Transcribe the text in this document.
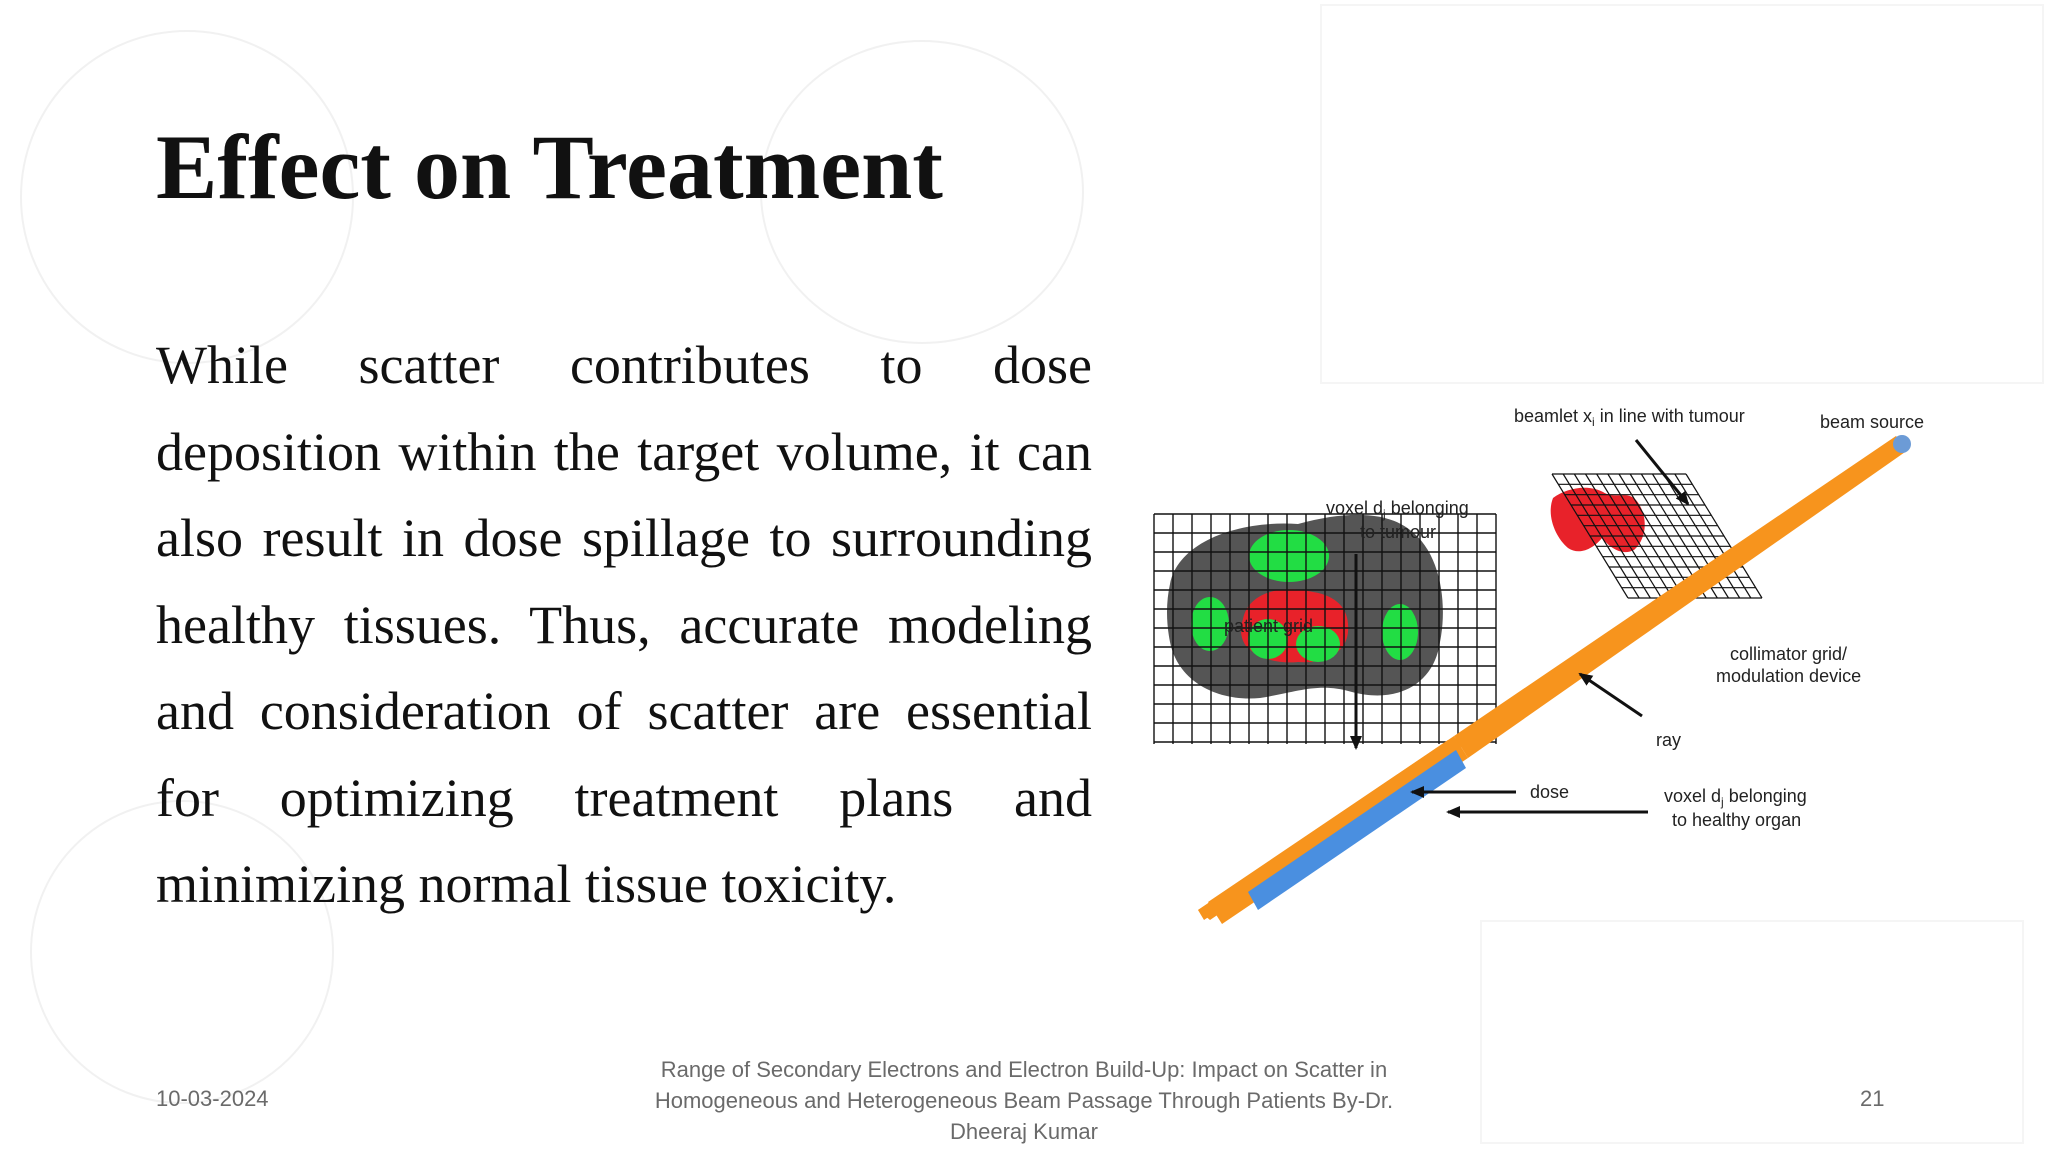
Effect on Treatment
While scatter contributes to dose deposition within the target volume, it can also result in dose spillage to surrounding healthy tissues. Thus, accurate modeling and consideration of scatter are essential for optimizing treatment plans and minimizing normal tissue toxicity.
beamlet $x_i$ in line with tumour	beam source
voxel $d_j$ belonging
to tumour
patient grid
collimator grid/
modulation device
ray
dose	voxel $d_j$ belonging
to healthy organ
10-03-2024
Range of Secondary Electrons and Electron Build-Up: Impact on Scatter in Homogeneous and Heterogeneous Beam Passage Through Patients By-Dr. Dheeraj Kumar
21
